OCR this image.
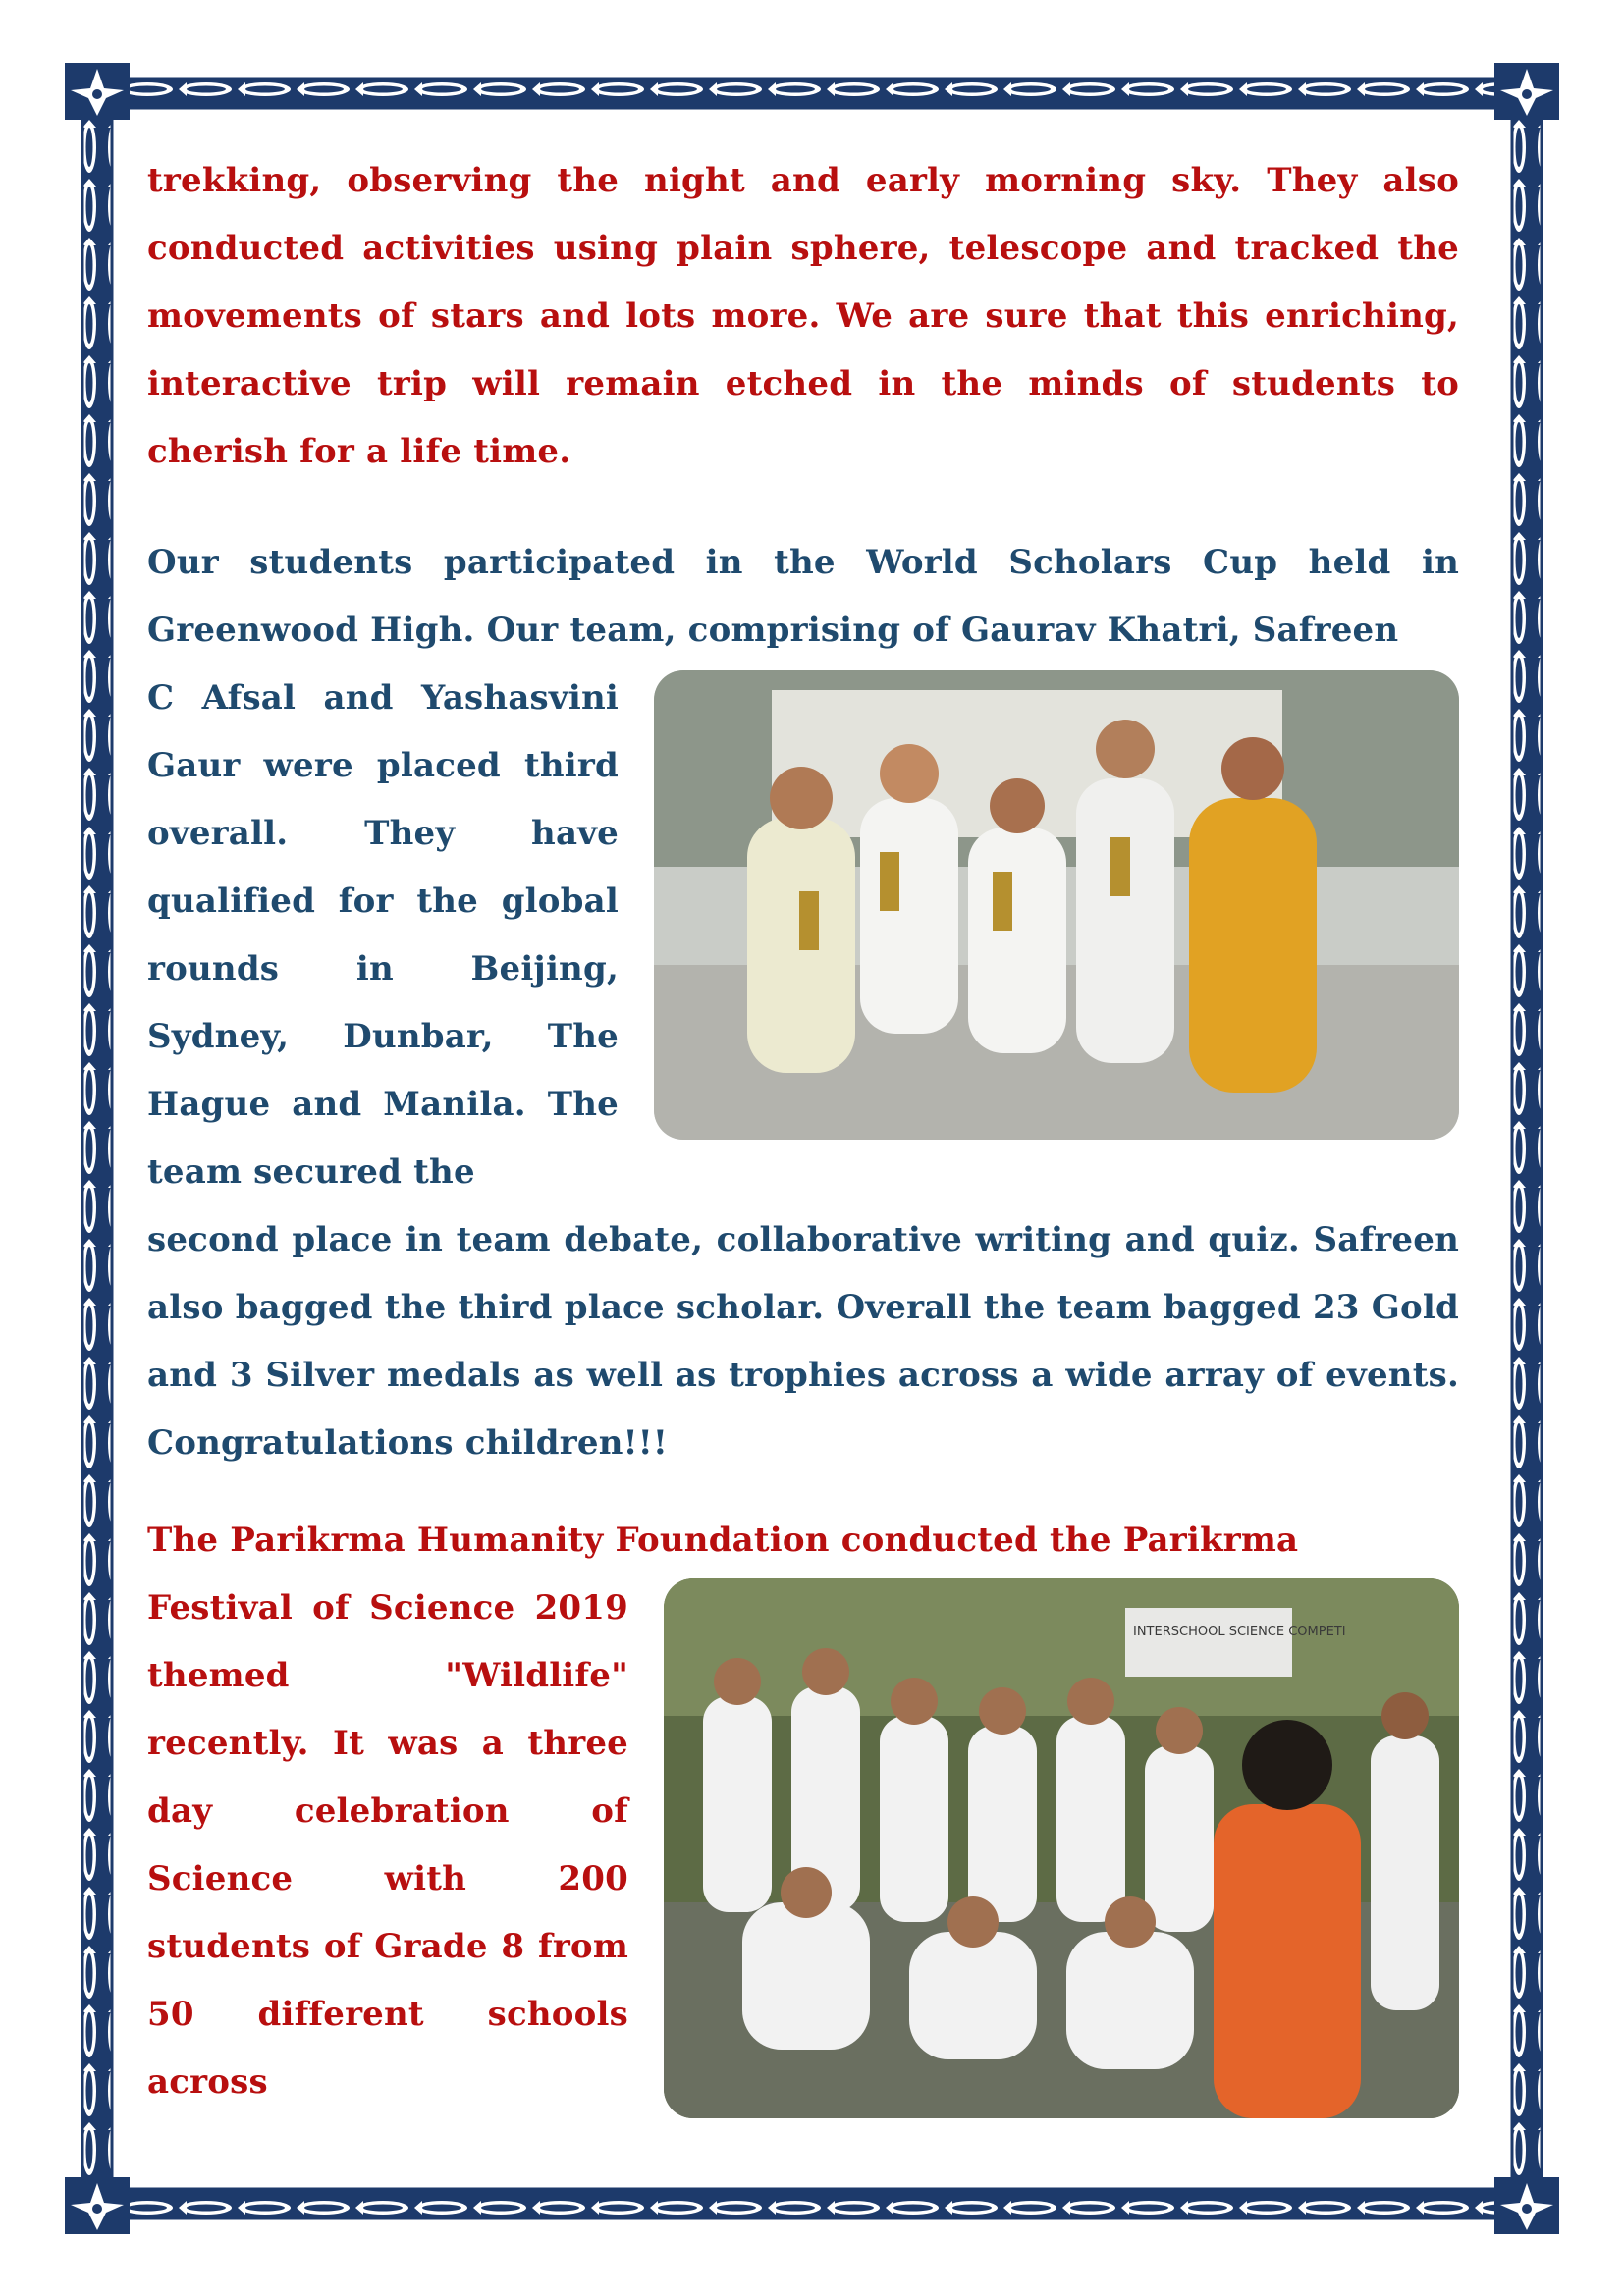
trekking, observing the night and early morning sky. They also conducted activities using plain sphere, telescope and tracked the movements of stars and lots more. We are sure that this enriching, interactive trip will remain etched in the minds of students to cherish for a life time.

Our students participated in the World Scholars Cup held in Greenwood High. Our team, comprising of Gaurav Khatri, Safreen

C Afsal and Yashasvini Gaur were placed third overall. They have qualified for the global rounds in Beijing, Sydney, Dunbar, The Hague and Manila. The team secured the

second place in team debate, collaborative writing and quiz. Safreen also bagged the third place scholar. Overall the team bagged 23 Gold and 3 Silver medals as well as trophies across a wide array of events. Congratulations children!!!

The Parikrma Humanity Foundation conducted the Parikrma

INTERSCHOOL SCIENCE COMPETI

Festival of Science 2019 themed "Wildlife" recently. It was a three day celebration of Science with 200 students of Grade 8 from 50 different schools across
